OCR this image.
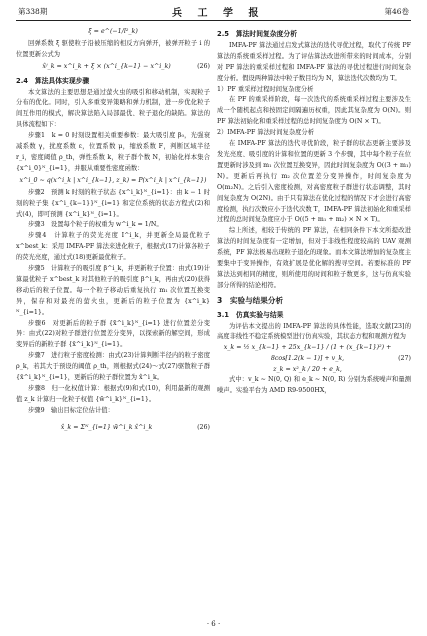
第338期	兵 工 学 报	第46卷
ξ = e^(−1/l²_k)

回弹系数 ξ 驱使粒子沿被压缩的相反方向弹开，被弹开粒子 i 的位置更新公式为

x̂ʲ_k = x^i_k + ξ × (x^i_{k−1} − x^i_k)	(26)
2.4　算法具体实现步骤

本文算法的主要思想是通过萤火虫的吸引和移动机制，实现粒子分布的优化。同时，引入多重变异策略和弹力机制，进一步优化粒子间互作用的模式，解决算法陷入局部最优、粒子退化的缺陷。算法的具体流程如下：

步骤1　k = 0 时刻设置相关重要参数：最大吸引度 β₀，光强衰减系数 γ，扰度系数 ε，位置系数 μ，缩放系数 F，判断区域半径 r_i，密度阈值 ρ_th，弹性系数 k，粒子群个数 N，初始化样本集合 {x^i_0}ᴺ_{i=1}，并服从重要性密度函数：

x^i_0 ~ q(x^i_k | x^i_{k−1}, z_k) = P(x^i_k | x^i_{k−1})

步骤2　预测 k 时刻的粒子状态 {x^i_k}ᴺ_{i=1}：由 k − 1 时刻的粒子集 {x^i_{k−1}}ᴺ_{i=1} 和定位系统的状态方程式(2)和式(4)，即可预测 {x^i_k}ᴺ_{i=1}。

步骤3　设置每个粒子的权重为 w^i_k = 1/N。

步骤4　计算粒子的荧光亮度 I^i_k，并更新全局最优粒子 x^best_k：采用 IMFA-PF 算法来进化粒子，根据式(17)计算各粒子的荧光亮度，通过式(18)更新最优粒子。

步骤5　计算粒子的吸引度 β^i_k，并更新粒子位置：由式(19)计算最优粒子 x^best_k 对其他粒子的吸引度 β^i_k，再由式(20)获得移动后的粒子位置。每一个粒子移动后重复执行 m₁ 次位置互换变异，保存和对最亮的萤火虫，更新后的粒子位置为 {x^i_k}ᴺ_{i=1}。

步骤6　对更新后的粒子群 {x̃^i_k}ᴺ_{i=1} 进行位置差分变异：由式(22)对粒子群进行位置差分变异，以探索新的解空间，形成变异后的新粒子群 {x̄^i_k}ᴺ_{i=1}。

步骤7　进行粒子密度检测：由式(23)计算判断半径内的粒子密度 ρ_k，若其大于预设的阈值 ρ_th，则根据式(24)～式(27)驱散粒子群 {x̄^i_k}ᴺ_{i=1}，更新后的粒子群位置为 x̂^i_k。

步骤8　归一化权值计算：根据式(9)和式(10)，利用最新的观测值 z_k 计算归一化粒子权值 {w̃^i_k}ᴺ_{i=1}。

步骤9　输出目标定位估计值：

x̂_k = Σᴺ_{i=1} w̃^i_k x̂^i_k	(26)
2.5　算法时间复杂度分析

IMFA-PF 算法通过启发式算法的迭代寻优过程，取代了传统 PF 算法的系统重采样过程。为了评估算法改进所带来的时间成本，分别对 PF 算法的重采样过程和 IMFA-PF 算法的寻优过程进行时间复杂度分析。假设两种算法中粒子数目均为 N，算法迭代次数均为 T。

1）PF 重采样过程时间复杂度分析

在 PF 的重采样阶段，每一次迭代的系统重采样过程主要涉及生成一个随机起点和按固定间隔遍历权重，因此其复杂度为 O(N)。则 PF 算法初始化和重采样过程的总时间复杂度为 O(N × T)。

2）IMFA-PF 算法时间复杂度分析

在 IMFA-PF 算法的迭代寻优阶段，粒子群的状态更新主要涉及发光亮度、吸引度的计算和位置的更新 3 个步骤，其中每个粒子在位置更新时涉及到 m₁ 次位置互换变异，因此时间复杂度为 O((3 + m₁) N)。更新后再执行 m₂ 次位置差分变异操作，时间复杂度为 O(m₂N)。之后引入密度检测，对高密度粒子群进行状态调整，其时间复杂度为 O(2N)。由于只有算法在优化过程的情况下才会进行高密度检测，执行次数应小于迭代次数 T，IMFA-PF 算法初始化和重采样过程的总时间复杂度应小于 O((5 + m₁ + m₂) × N × T)。

综上所述，相较于传统的 PF 算法，在相同条件下本文所提改进算法的时间复杂度有一定增加，但对于非线性程度较高的 UAV 观测系统，PF 算法极易出现粒子退化的现象。而本文算法增加的复杂度主要集中于变异操作，有效扩展是优化解的搜寻空间。若要标准的 PF 算法达到相同的精度，则所使用的时间和粒子数更多，这与仿真实验部分所得的结论相符。

3　实验与结果分析
3.1　仿真实验与结果

为评估本文提出的 IMFA-PF 算法的具体性能，选取文献[23]的高度非线性不稳定系统模型进行仿真实验，其状态方程和观测方程为

x_k = ½ x_{k−1} + 25x_{k−1} / (1 + (x_{k−1})²) + 8cos[1.2(k − 1)] + v_k,
z_k = x²_k / 20 + e_k,
(27)

式中：v_k ~ N(0, Q) 和 e_k ~ N(0, R) 分别为系统噪声和量测噪声。实验平台为 AMD R9-9500HX，

· 6 ·
